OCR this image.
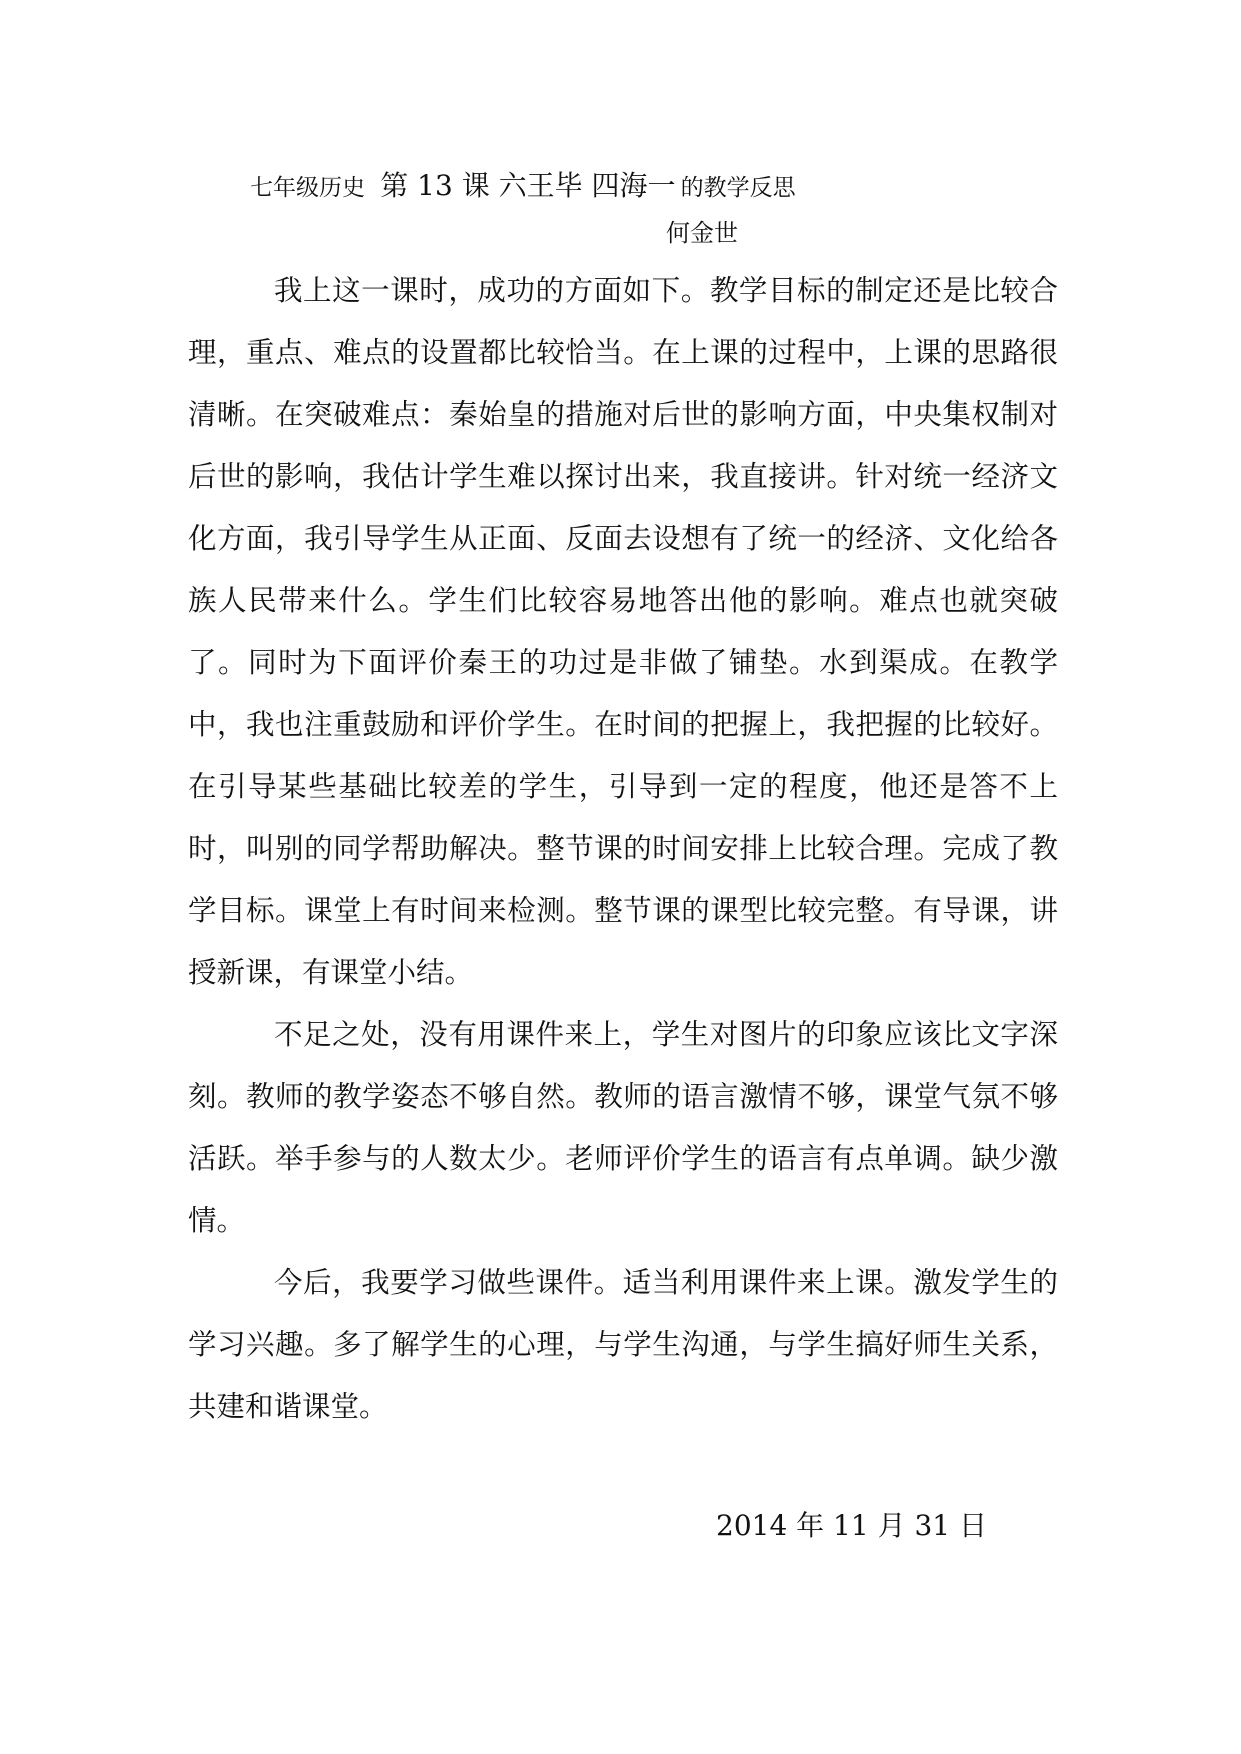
七年级历史 第 13 课 六王毕 四海一 的教学反思
何金世

我上这一课时，成功的方面如下。教学目标的制定还是比较合理，重点、难点的设置都比较恰当。在上课的过程中，上课的思路很清晰。在突破难点：秦始皇的措施对后世的影响方面，中央集权制对后世的影响，我估计学生难以探讨出来，我直接讲。针对统一经济文化方面，我引导学生从正面、反面去设想有了统一的经济、文化给各族人民带来什么。学生们比较容易地答出他的影响。难点也就突破了。同时为下面评价秦王的功过是非做了铺垫。水到渠成。在教学中，我也注重鼓励和评价学生。在时间的把握上，我把握的比较好。在引导某些基础比较差的学生，引导到一定的程度，他还是答不上时，叫别的同学帮助解决。整节课的时间安排上比较合理。完成了教学目标。课堂上有时间来检测。整节课的课型比较完整。有导课，讲授新课，有课堂小结。

不足之处，没有用课件来上，学生对图片的印象应该比文字深刻。教师的教学姿态不够自然。教师的语言激情不够，课堂气氛不够活跃。举手参与的人数太少。老师评价学生的语言有点单调。缺少激情。

今后，我要学习做些课件。适当利用课件来上课。激发学生的学习兴趣。多了解学生的心理，与学生沟通，与学生搞好师生关系，共建和谐课堂。

2014 年 11 月 31 日
